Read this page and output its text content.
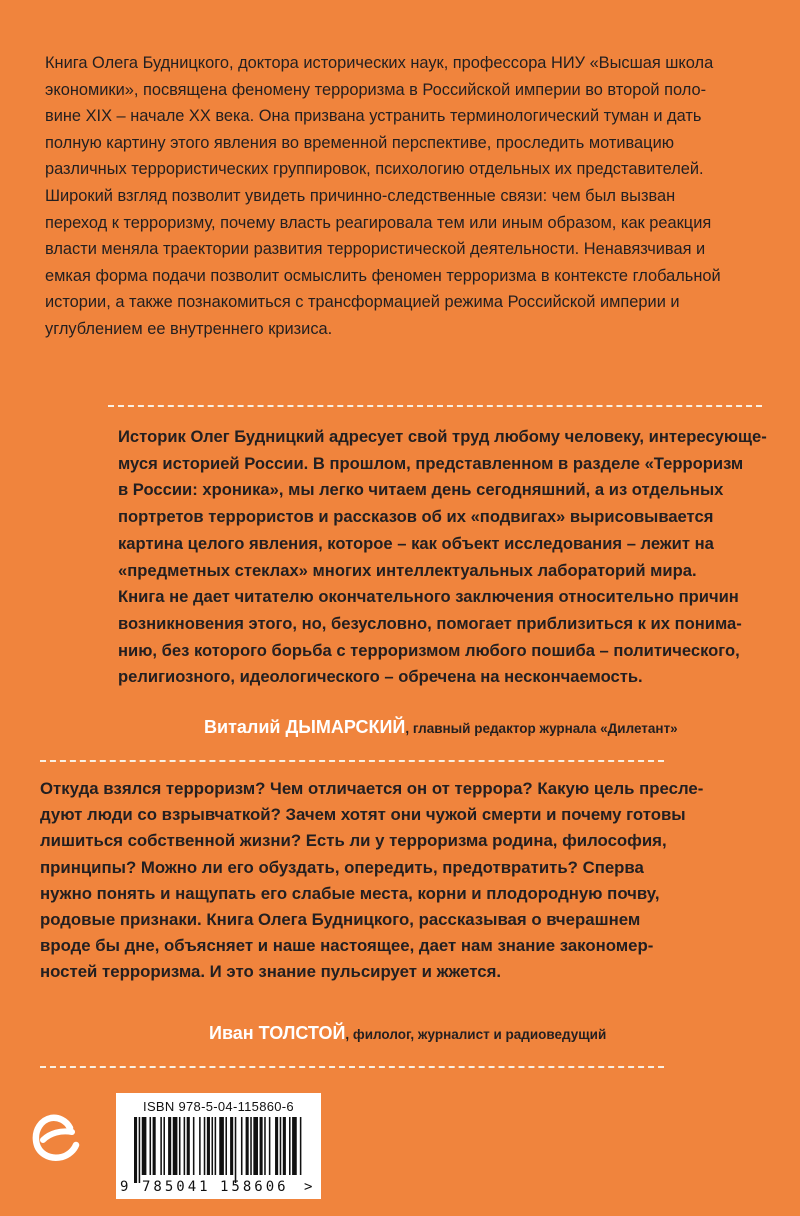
Книга Олега Будницкого, доктора исторических наук, профессора НИУ «Высшая школа
экономики», посвящена феномену терроризма в Российской империи во второй поло-
вине XIX – начале XX века. Она призвана устранить терминологический туман и дать
полную картину этого явления во временной перспективе, проследить мотивацию
различных террористических группировок, психологию отдельных их представителей.
Широкий взгляд позволит увидеть причинно-следственные связи: чем был вызван
переход к терроризму, почему власть реагировала тем или иным образом, как реакция
власти меняла траектории развития террористической деятельности. Ненавязчивая и
емкая форма подачи позволит осмыслить феномен терроризма в контексте глобальной
истории, а также познакомиться с трансформацией режима Российской империи и
углублением ее внутреннего кризиса.
Историк Олег Будницкий адресует свой труд любому человеку, интересующе-
муся историей России. В прошлом, представленном в разделе «Терроризм
в России: хроника», мы легко читаем день сегодняшний, а из отдельных
портретов террористов и рассказов об их «подвигах» вырисовывается
картина целого явления, которое – как объект исследования – лежит на
«предметных стеклах» многих интеллектуальных лабораторий мира.
Книга не дает читателю окончательного заключения относительно причин
возникновения этого, но, безусловно, помогает приблизиться к их понима-
нию, без которого борьба с терроризмом любого пошиба – политического,
религиозного, идеологического – обречена на нескончаемость.
Виталий ДЫМАРСКИЙ, главный редактор журнала «Дилетант»
Откуда взялся терроризм? Чем отличается он от террора? Какую цель пресле-
дуют люди со взрывчаткой? Зачем хотят они чужой смерти и почему готовы
лишиться собственной жизни? Есть ли у терроризма родина, философия,
принципы? Можно ли его обуздать, опередить, предотвратить? Сперва
нужно понять и нащупать его слабые места, корни и плодородную почву,
родовые признаки. Книга Олега Будницкого, рассказывая о вчерашнем
вроде бы дне, объясняет и наше настоящее, дает нам знание закономер-
ностей терроризма. И это знание пульсирует и жжется.
Иван ТОЛСТОЙ, филолог, журналист и радиоведущий
ISBN 978-5-04-115860-6
9 785041 158606 >
